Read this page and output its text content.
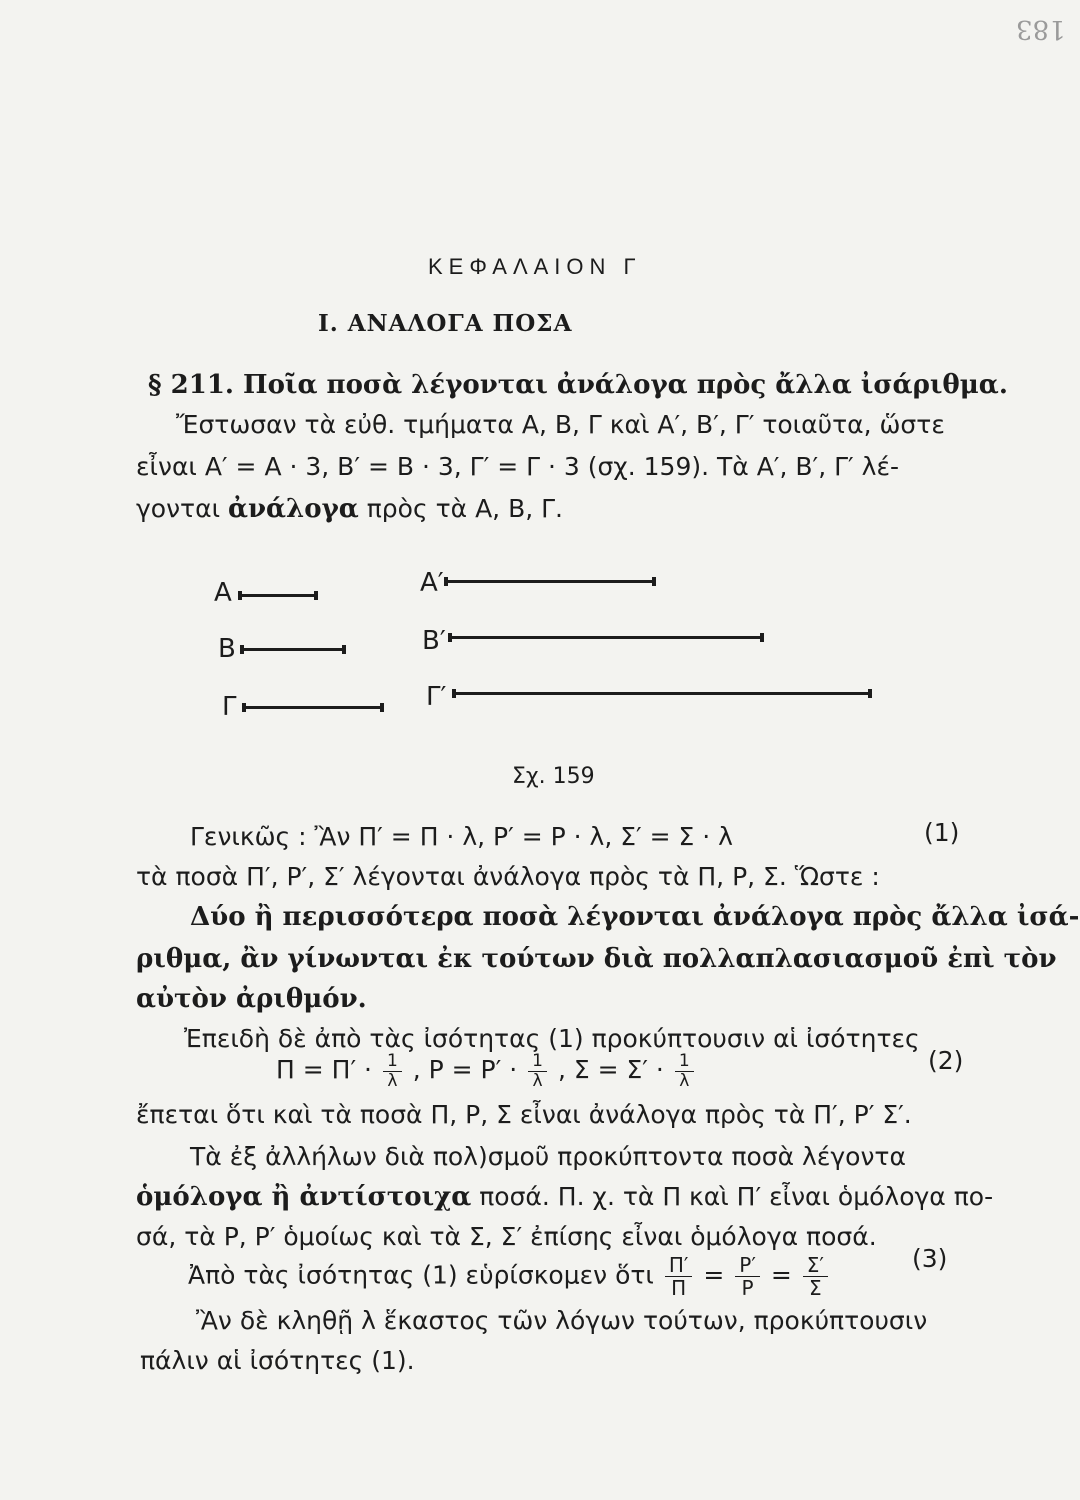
183
ΚΕΦΑΛΑΙΟΝ Γ
Ι. ΑΝΑΛΟΓΑ ΠΟΣΑ
§ 211. Ποῖα ποσὰ λέγονται ἀνάλογα πρὸς ἄλλα ἰσάριθμα.
Ἔστωσαν τὰ εὐθ. τμήματα Α, Β, Γ καὶ Α′, Β′, Γ′ τοιαῦτα, ὥστε
εἶναι Α′ = Α · 3, Β′ = Β · 3, Γ′ = Γ · 3 (σχ. 159). Τὰ Α′, Β′, Γ′ λέ-
γονται ἀνάλογα πρὸς τὰ Α, Β, Γ.
Α
Β
Γ
Α′
Β′
Γ′
Σχ. 159
Γενικῶς : Ἂν Π′ = Π · λ, Ρ′ = Ρ · λ, Σ′ = Σ · λ	(1)
τὰ ποσὰ Π′, Ρ′, Σ′ λέγονται ἀνάλογα πρὸς τὰ Π, Ρ, Σ. Ὥστε :
Δύο ἢ περισσότερα ποσὰ λέγονται ἀνάλογα πρὸς ἄλλα ἰσά-
ριθμα, ἂν γίνωνται ἐκ τούτων διὰ πολλαπλασιασμοῦ ἐπὶ τὸν
αὐτὸν ἀριθμόν.
Ἐπειδὴ δὲ ἀπὸ τὰς ἰσότητας (1) προκύπτουσιν αἱ ἰσότητες
$\Pi = \Pi' \cdot \frac{1}{\lambda}$ , $P = P' \cdot \frac{1}{\lambda}$ , $\Sigma = \Sigma' \cdot \frac{1}{\lambda}$	(2)
ἔπεται ὅτι καὶ τὰ ποσὰ Π, Ρ, Σ εἶναι ἀνάλογα πρὸς τὰ Π′, Ρ′ Σ′.
Τὰ ἐξ ἀλλήλων διὰ πολ)σμοῦ προκύπτοντα ποσὰ λέγοντα
ὁμόλογα ἢ ἀντίστοιχα ποσά. Π. χ. τὰ Π καὶ Π′ εἶναι ὁμόλογα πο-
σά, τὰ Ρ, Ρ′ ὁμοίως καὶ τὰ Σ, Σ′ ἐπίσης εἶναι ὁμόλογα ποσά.
Ἀπὸ τὰς ἰσότητας (1) εὑρίσκομεν ὅτι $\frac{\Pi'}{\Pi} = \frac{P'}{P} = \frac{\Sigma'}{\Sigma}$	(3)
Ἂν δὲ κληθῇ λ ἕκαστος τῶν λόγων τούτων, προκύπτουσιν
πάλιν αἱ ἰσότητες (1).
